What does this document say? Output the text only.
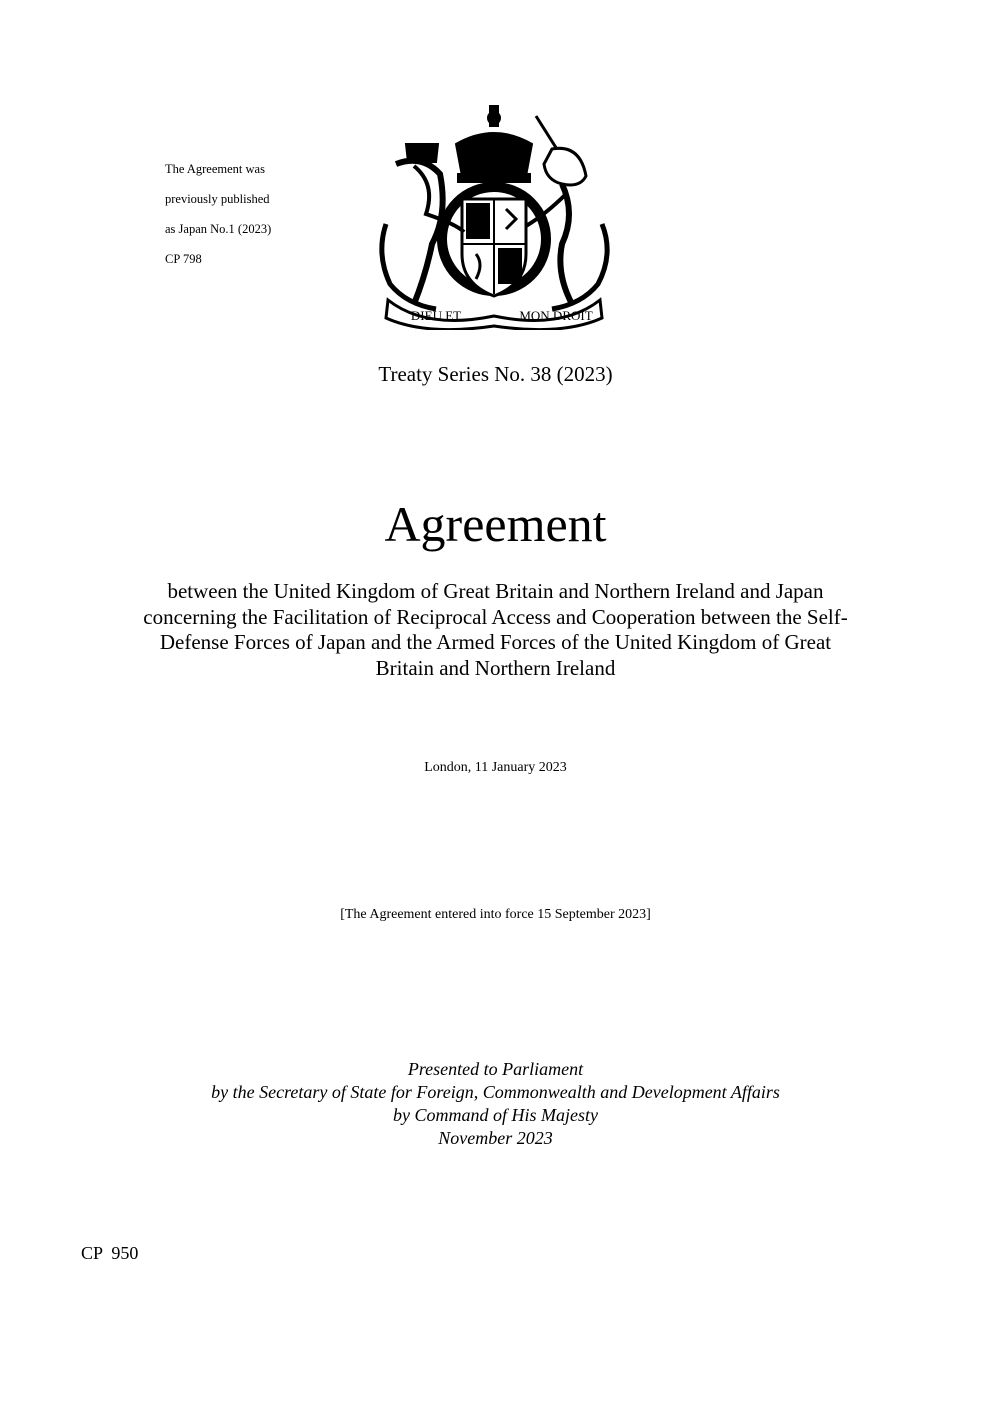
The Agreement was

previously published

as Japan No.1 (2023)

CP 798

DIEU ET	MON DROIT
Treaty Series No. 38 (2023)
Agreement
between the United Kingdom of Great Britain and Northern Ireland and Japan
concerning the Facilitation of Reciprocal Access and Cooperation between the Self-
Defense Forces of Japan and the Armed Forces of the United Kingdom of Great
Britain and Northern Ireland
London, 11 January 2023
[The Agreement entered into force 15 September 2023]
Presented to Parliament
by the Secretary of State for Foreign, Commonwealth and Development Affairs
by Command of His Majesty
November 2023
CP  950
